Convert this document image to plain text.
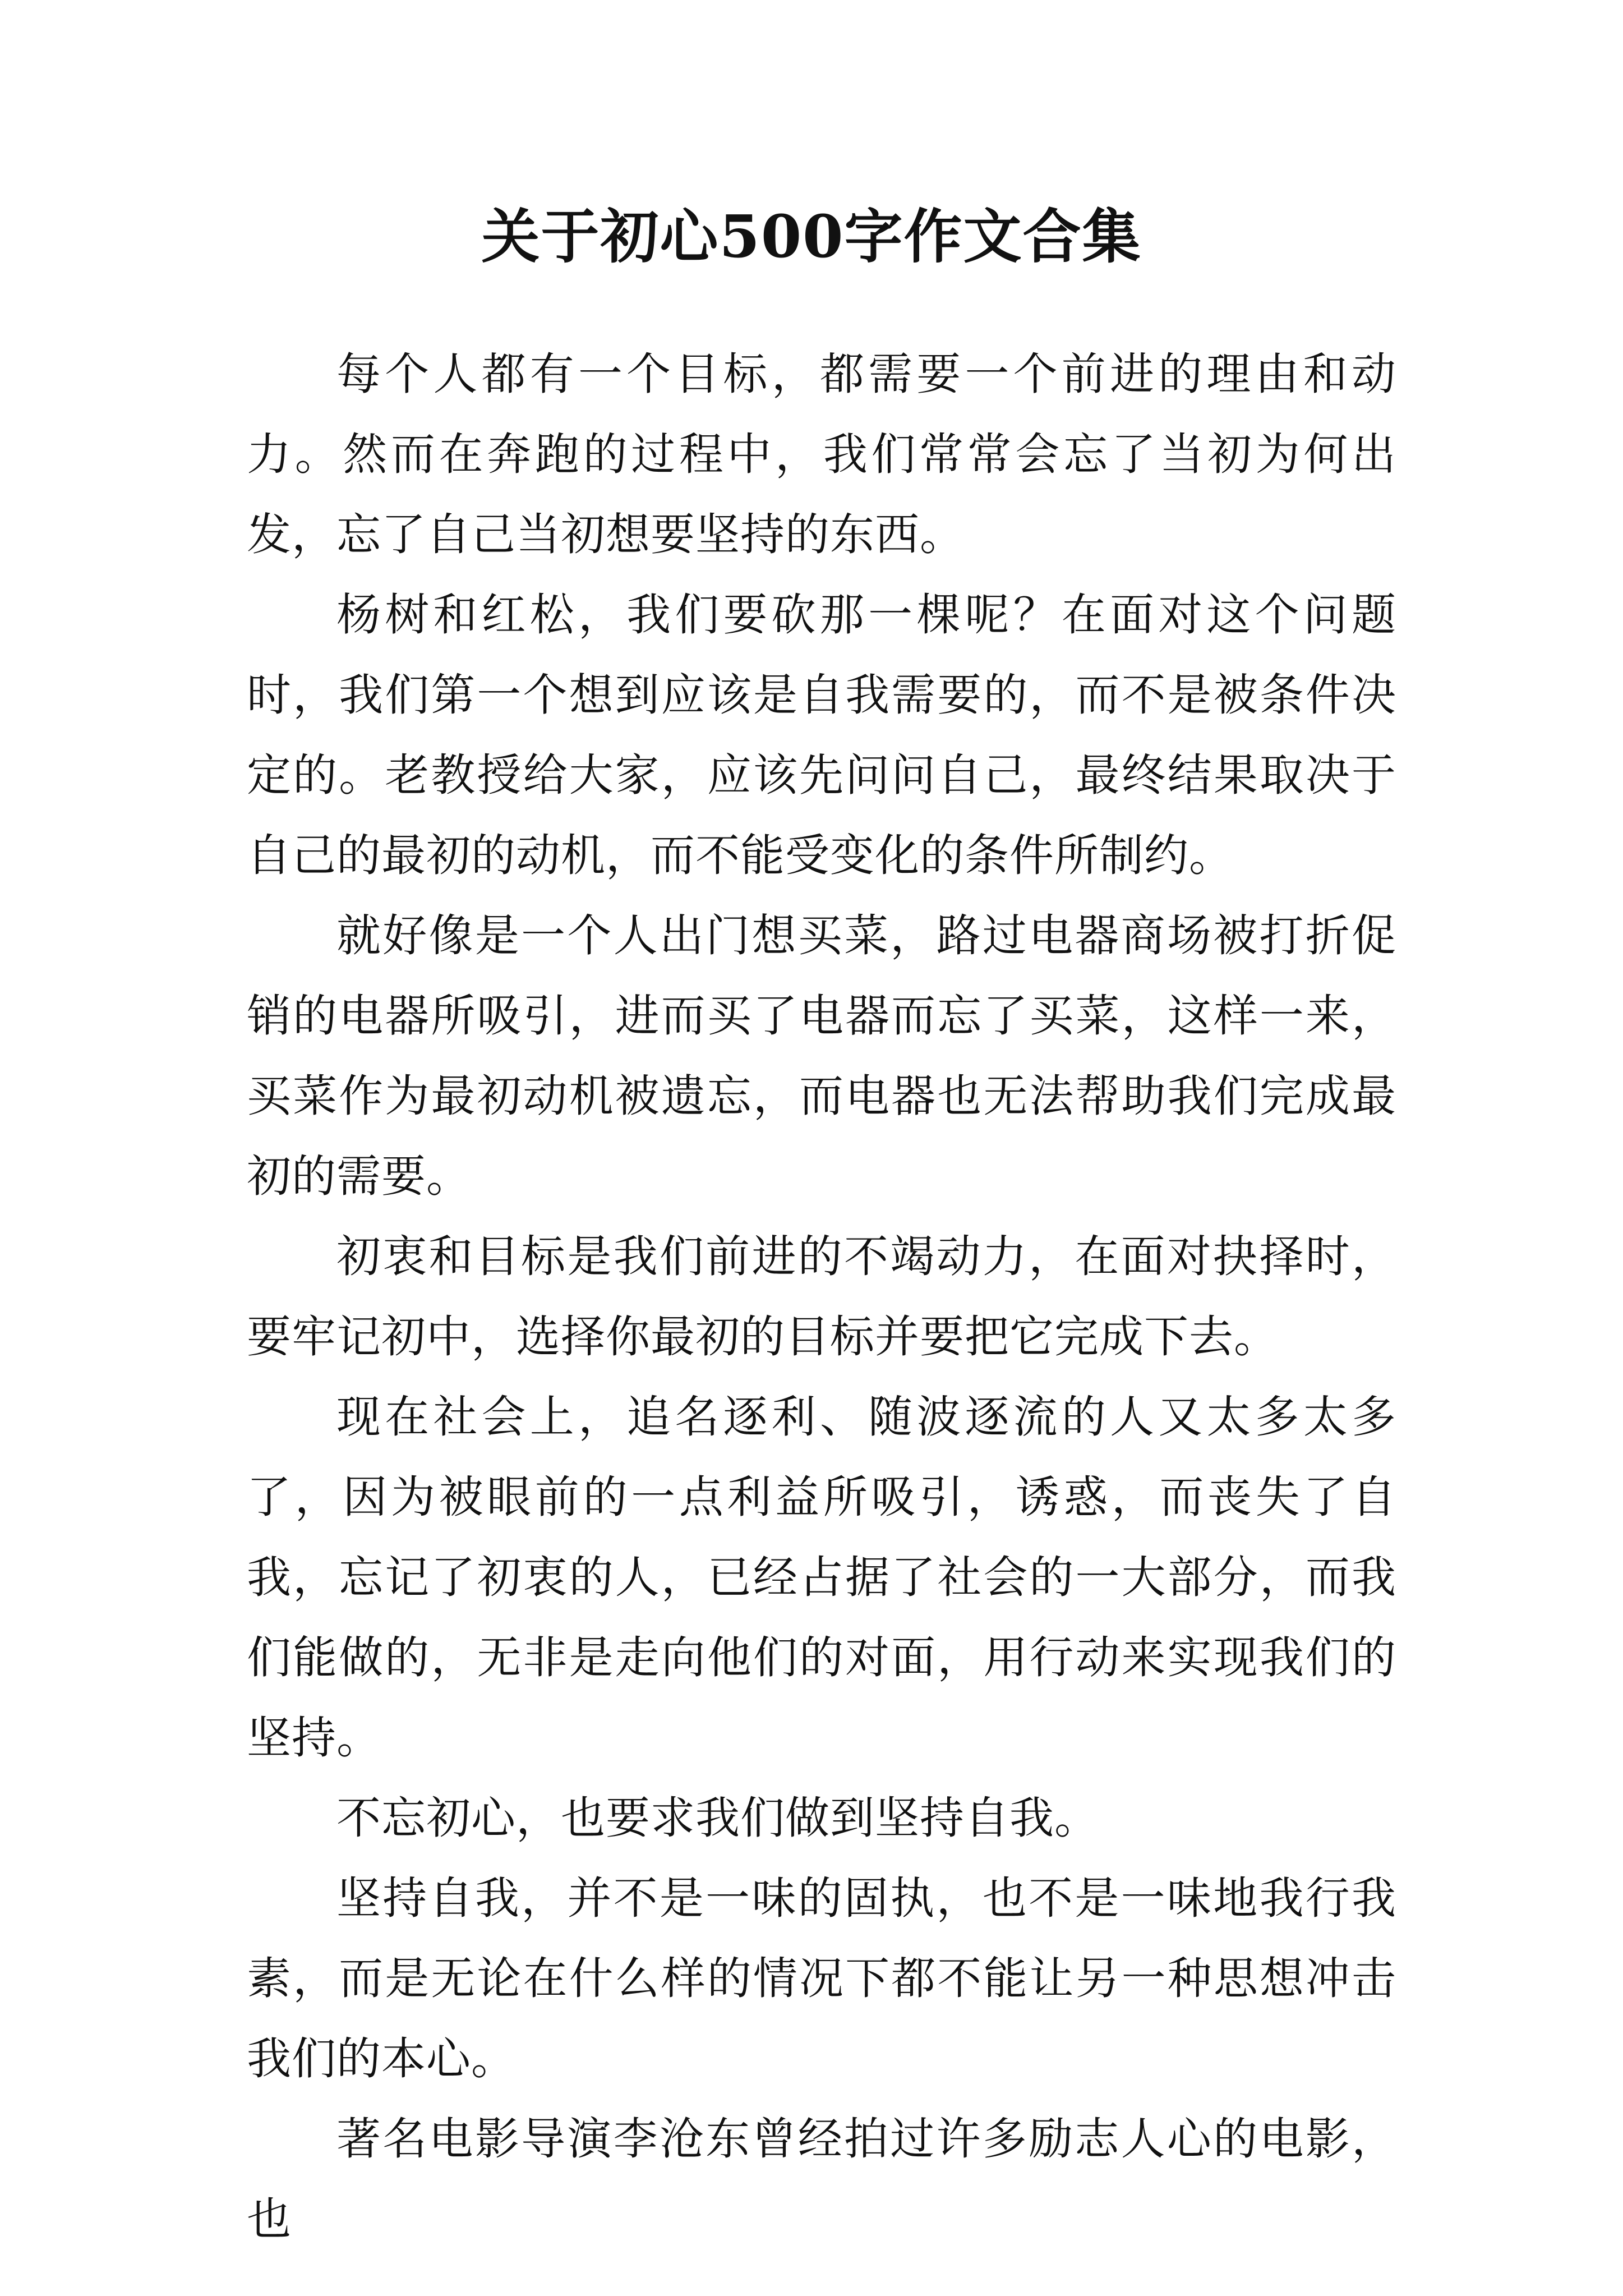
关于初心500字作文合集

每个人都有一个目标，都需要一个前进的理由和动力。然而在奔跑的过程中，我们常常会忘了当初为何出发，忘了自己当初想要坚持的东西。

杨树和红松，我们要砍那一棵呢？在面对这个问题时，我们第一个想到应该是自我需要的，而不是被条件决定的。老教授给大家，应该先问问自己，最终结果取决于自己的最初的动机，而不能受变化的条件所制约。

就好像是一个人出门想买菜，路过电器商场被打折促销的电器所吸引，进而买了电器而忘了买菜，这样一来，买菜作为最初动机被遗忘，而电器也无法帮助我们完成最初的需要。

初衷和目标是我们前进的不竭动力，在面对抉择时，要牢记初中，选择你最初的目标并要把它完成下去。

现在社会上，追名逐利、随波逐流的人又太多太多了，因为被眼前的一点利益所吸引，诱惑，而丧失了自我，忘记了初衷的人，已经占据了社会的一大部分，而我们能做的，无非是走向他们的对面，用行动来实现我们的坚持。

不忘初心，也要求我们做到坚持自我。

坚持自我，并不是一味的固执，也不是一味地我行我素，而是无论在什么样的情况下都不能让另一种思想冲击我们的本心。

著名电影导演李沧东曾经拍过许多励志人心的电影，也
